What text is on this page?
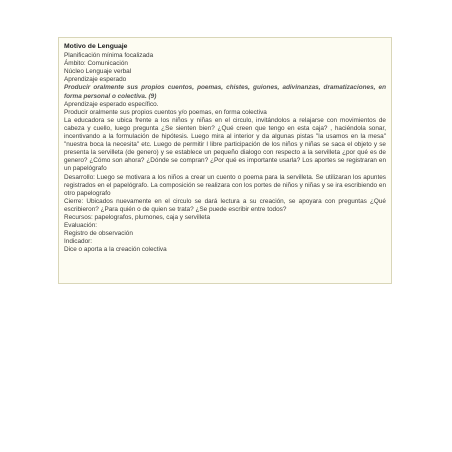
Motivo de Lenguaje

Planificación mínima focalizada

Ámbito: Comunicación

Núcleo Lenguaje verbal

Aprendizaje esperado

Producir oralmente sus propios cuentos, poemas, chistes, guiones, adivinanzas, dramatizaciones, en forma personal o colectiva. (9)

Aprendizaje esperado específico.

Producir oralmente sus propios cuentos y/o poemas, en forma colectiva

La educadora se ubica frente a los niños y niñas en el circulo, invitándolos a relajarse con movimientos de cabeza y cuello, luego pregunta ¿Se sienten bien? ¿Qué creen que tengo en esta caja? , haciéndola sonar, incentivando a la formulación de hipótesis. Luego mira al interior y da algunas pistas "la usamos en la mesa" "nuestra boca la necesita" etc. Luego de permitir l libre participación de los niños y niñas se saca el objeto y se presenta la servilleta (de genero) y se establece un pequeño dialogo con respecto a la servilleta ¿por qué es de genero? ¿Cómo son ahora? ¿Dónde se compran? ¿Por qué es importante usarla? Los aportes se registraran en un papelógrafo

Desarrollo: Luego se motivara a los niños a crear un cuento o poema para la servilleta. Se utilizaran los apuntes registrados en el papelógrafo. La composición se realizara con los portes de niños y niñas y se ira escribiendo en otro papelografo

Cierre: Ubicados nuevamente en el circulo se dará lectura a su creación, se apoyara con preguntas ¿Qué escribieron? ¿Para quién o de quien se trata? ¿Se puede escribir entre todos?

Recursos: papelografos, plumones, caja y servilleta

Evaluación:

Registro de observación

Indicador:

Dice o aporta a la creación colectiva
